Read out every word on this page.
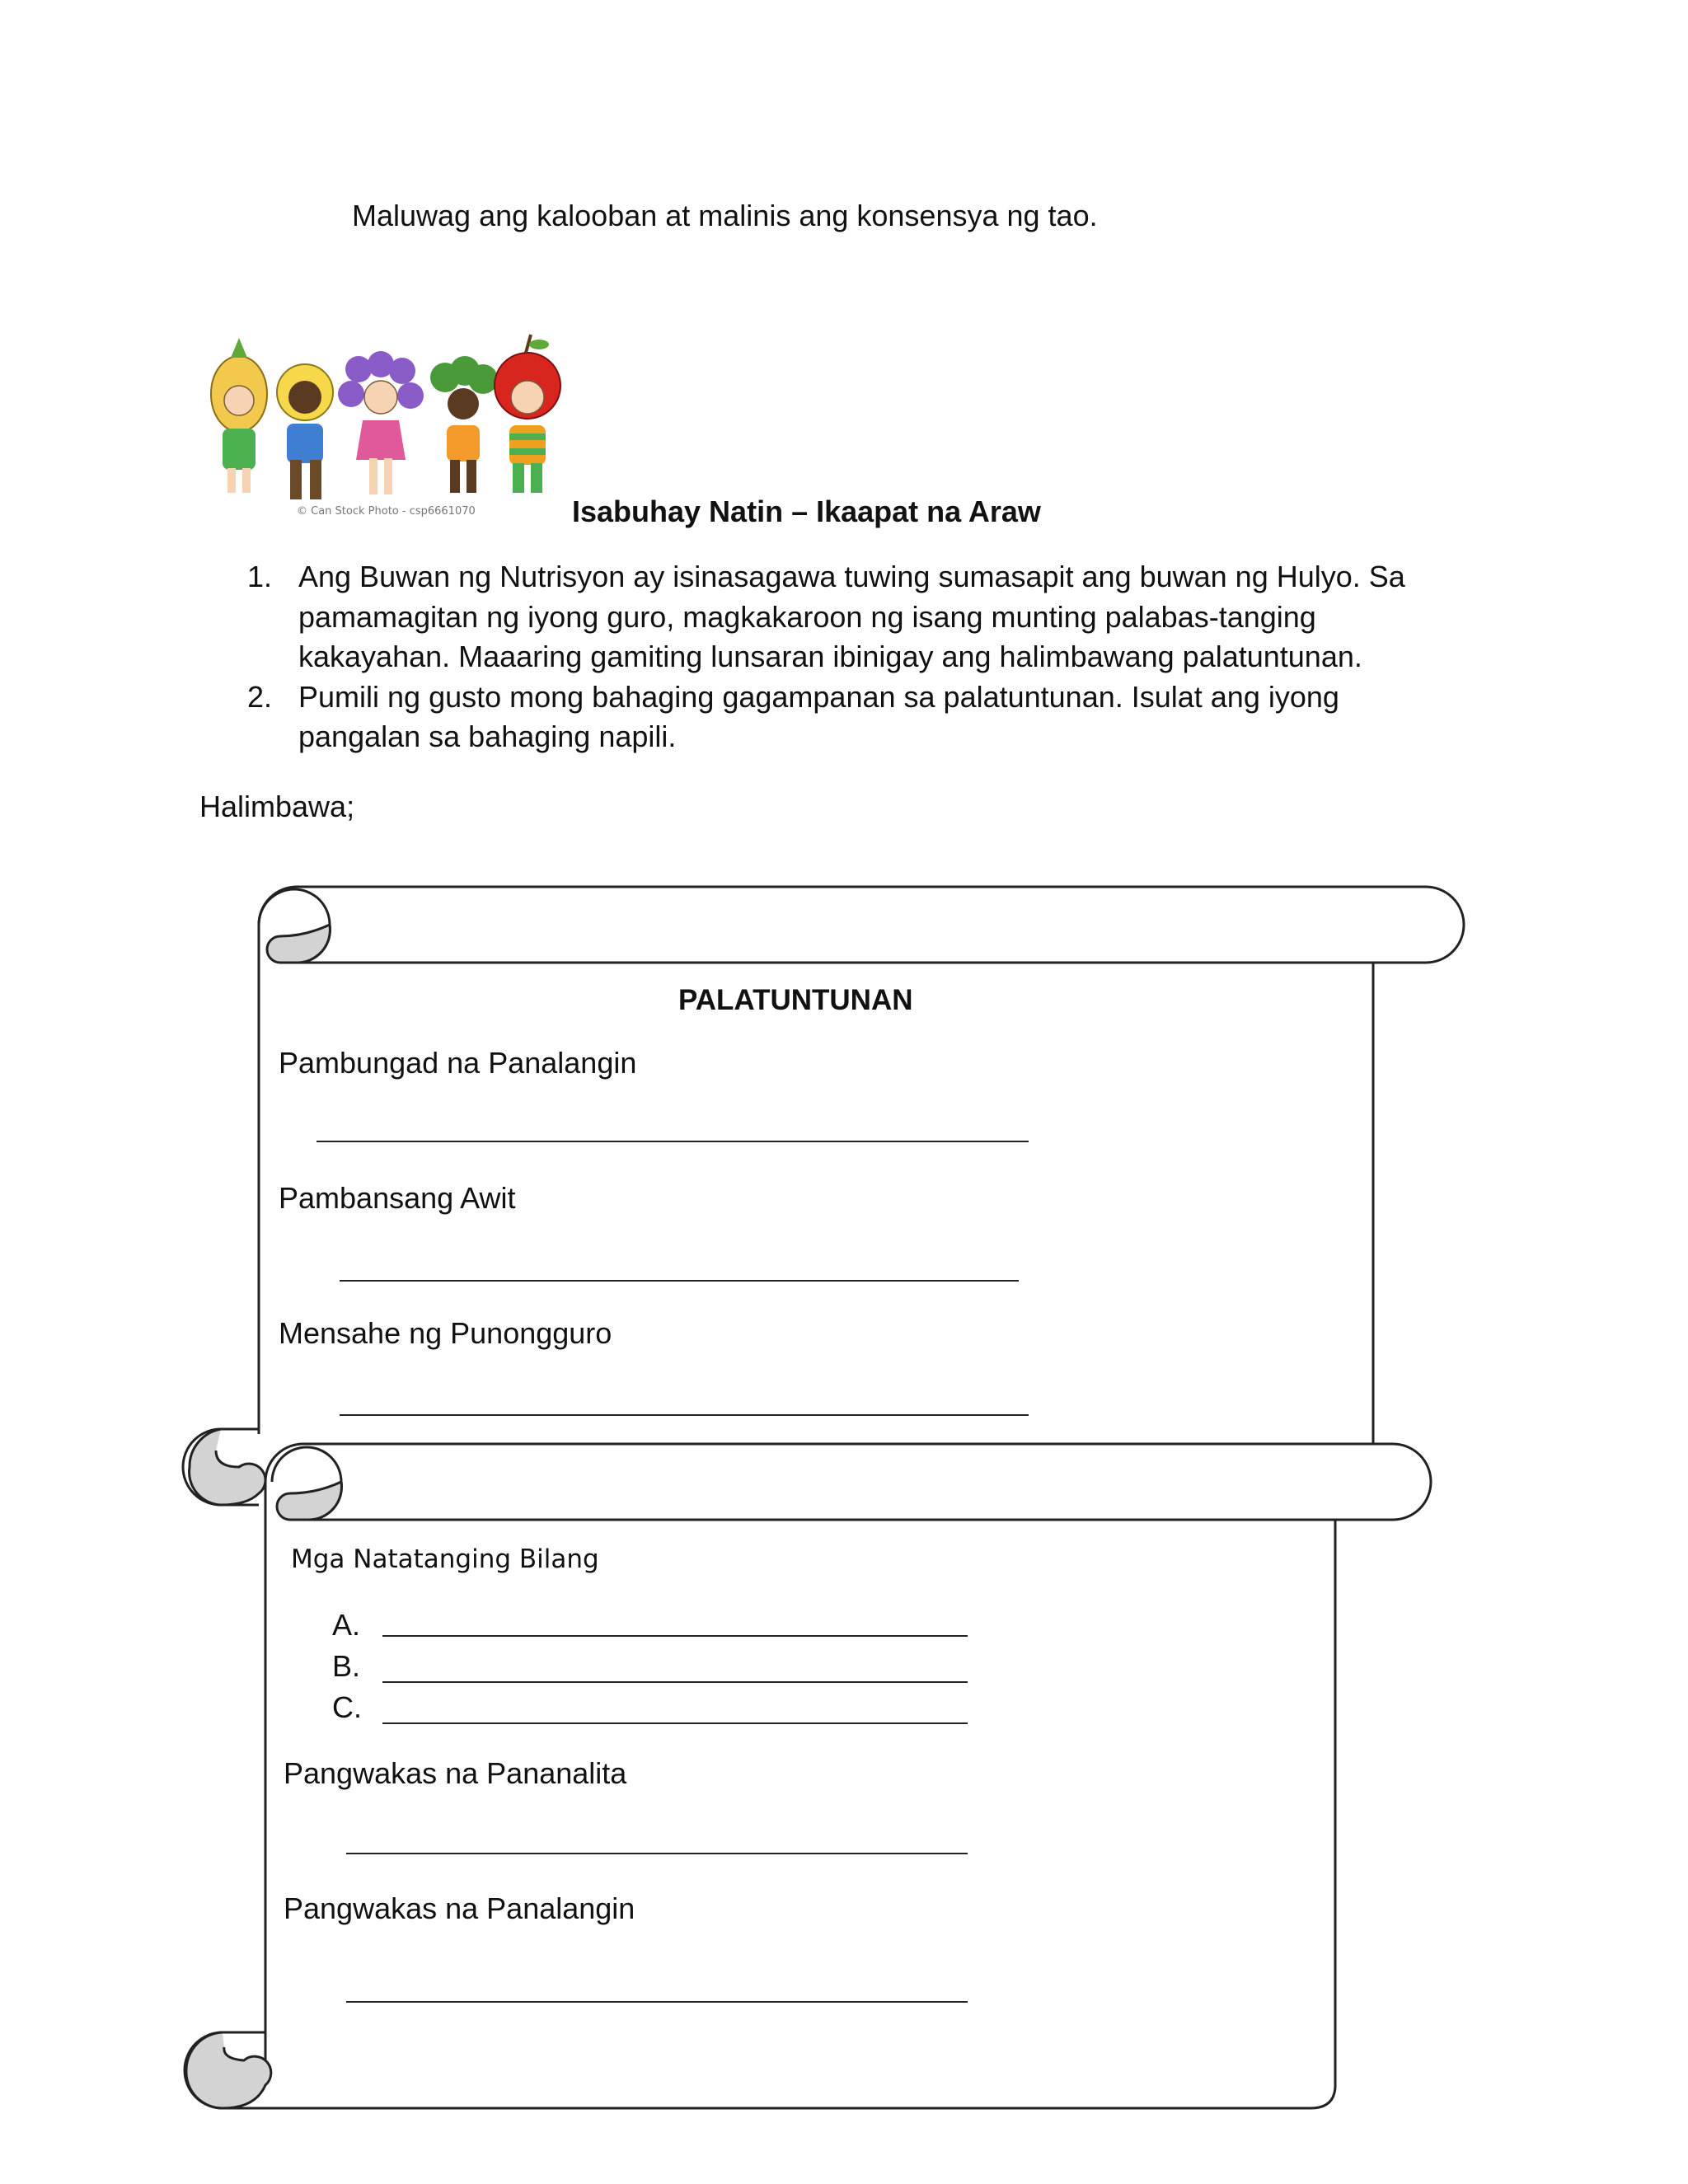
Maluwag ang kalooban at malinis ang konsensya ng tao.
© Can Stock Photo - csp6661070	Isabuhay Natin – Ikaapat na Araw
1. Ang Buwan ng Nutrisyon ay isinasagawa tuwing sumasapit ang buwan ng Hulyo. Sa pamamagitan ng iyong guro, magkakaroon ng isang munting palabas-tanging kakayahan. Maaaring gamiting lunsaran ibinigay ang halimbawang palatuntunan.
2. Pumili ng gusto mong bahaging gagampanan sa palatuntunan. Isulat ang iyong pangalan sa bahaging napili.
Halimbawa;
PALATUNTUNAN
Pambungad na Panalangin
Pambansang Awit
Mensahe ng Punongguro
Mga Natatanging Bilang
A.
B.
C.
Pangwakas na Pananalita
Pangwakas na Panalangin
